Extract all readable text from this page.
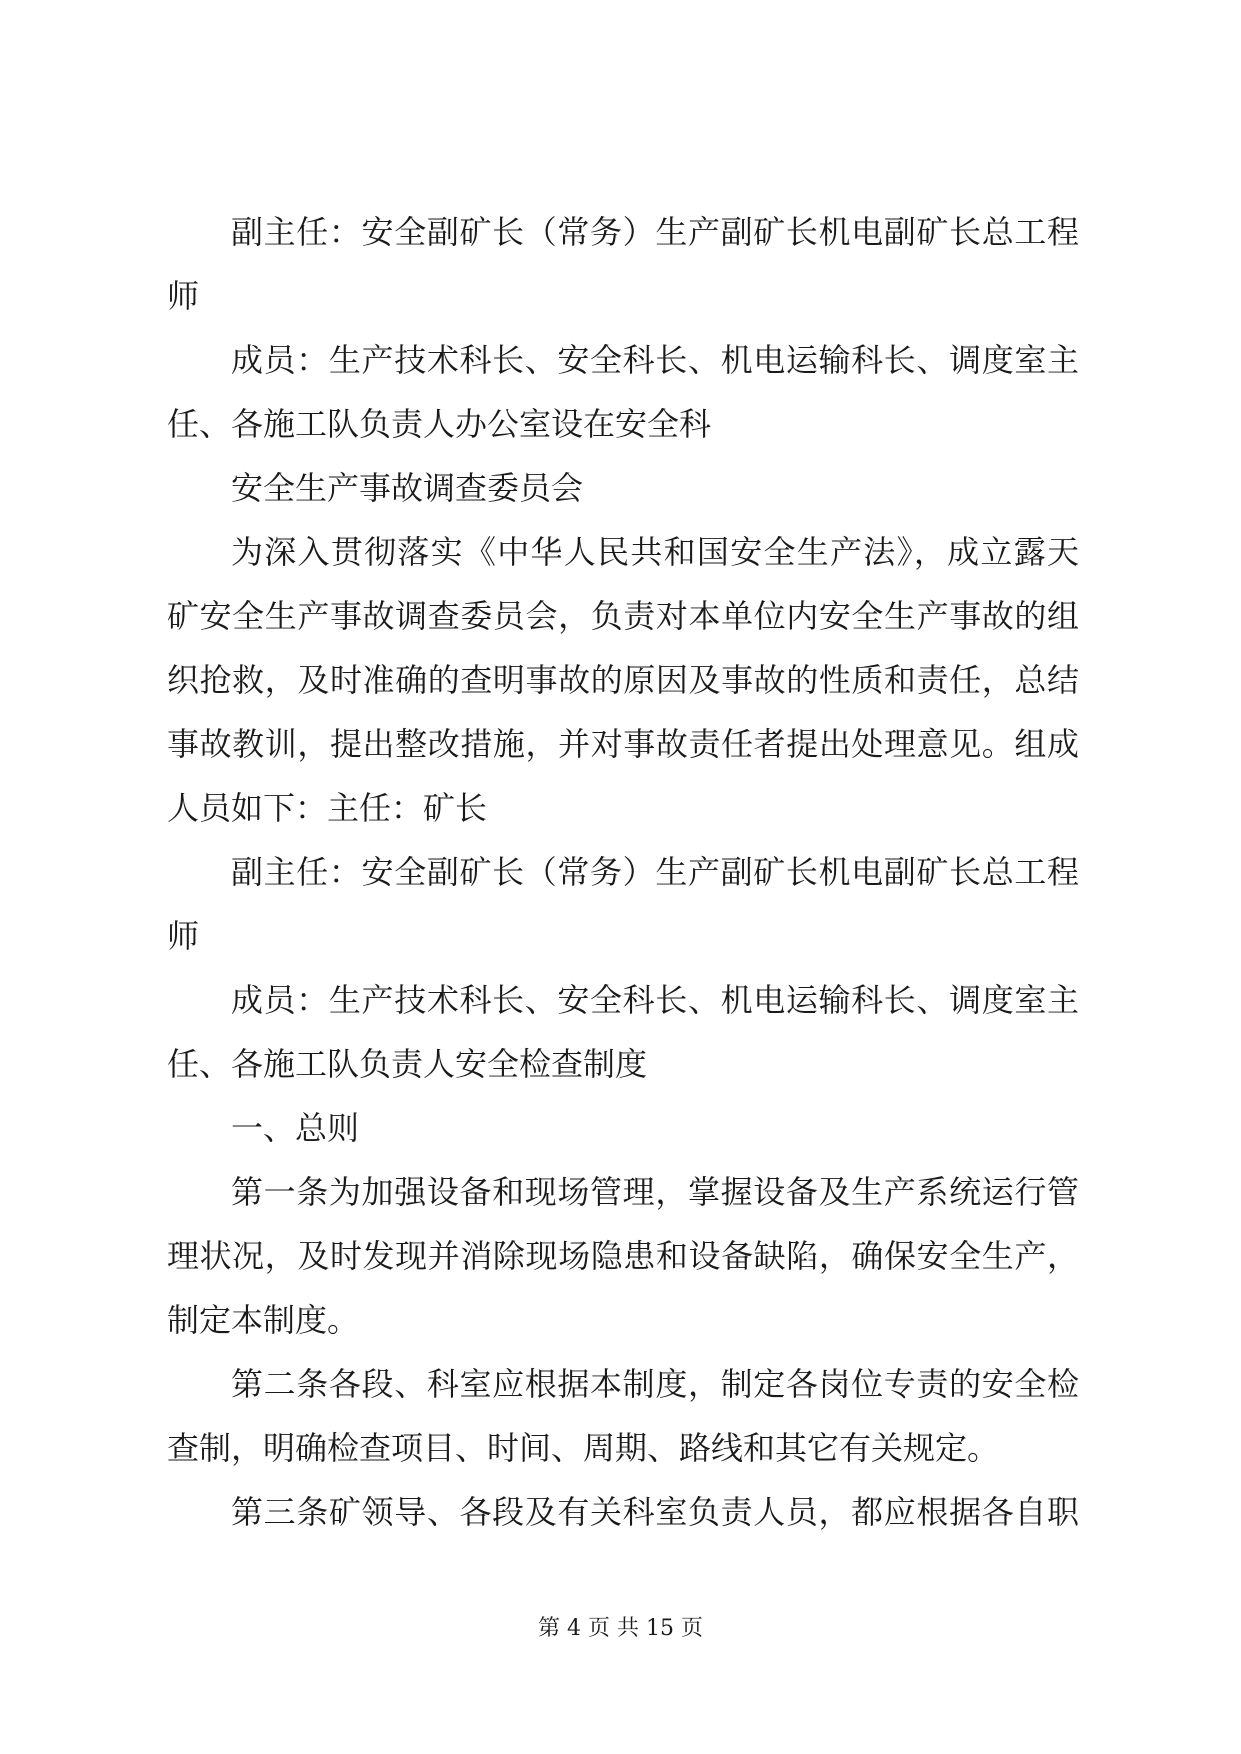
副主任：安全副矿长（常务）生产副矿长机电副矿长总工程
师
成员：生产技术科长、安全科长、机电运输科长、调度室主
任、各施工队负责人办公室设在安全科
安全生产事故调查委员会
为深入贯彻落实《中华人民共和国安全生产法》，成立露天
矿安全生产事故调查委员会，负责对本单位内安全生产事故的组
织抢救，及时准确的查明事故的原因及事故的性质和责任，总结
事故教训，提出整改措施，并对事故责任者提出处理意见。组成
人员如下：主任：矿长
副主任：安全副矿长（常务）生产副矿长机电副矿长总工程
师
成员：生产技术科长、安全科长、机电运输科长、调度室主
任、各施工队负责人安全检查制度
一、总则
第一条为加强设备和现场管理，掌握设备及生产系统运行管
理状况，及时发现并消除现场隐患和设备缺陷，确保安全生产，
制定本制度。
第二条各段、科室应根据本制度，制定各岗位专责的安全检
查制，明确检查项目、时间、周期、路线和其它有关规定。
第三条矿领导、各段及有关科室负责人员，都应根据各自职
第 4 页 共 15 页
